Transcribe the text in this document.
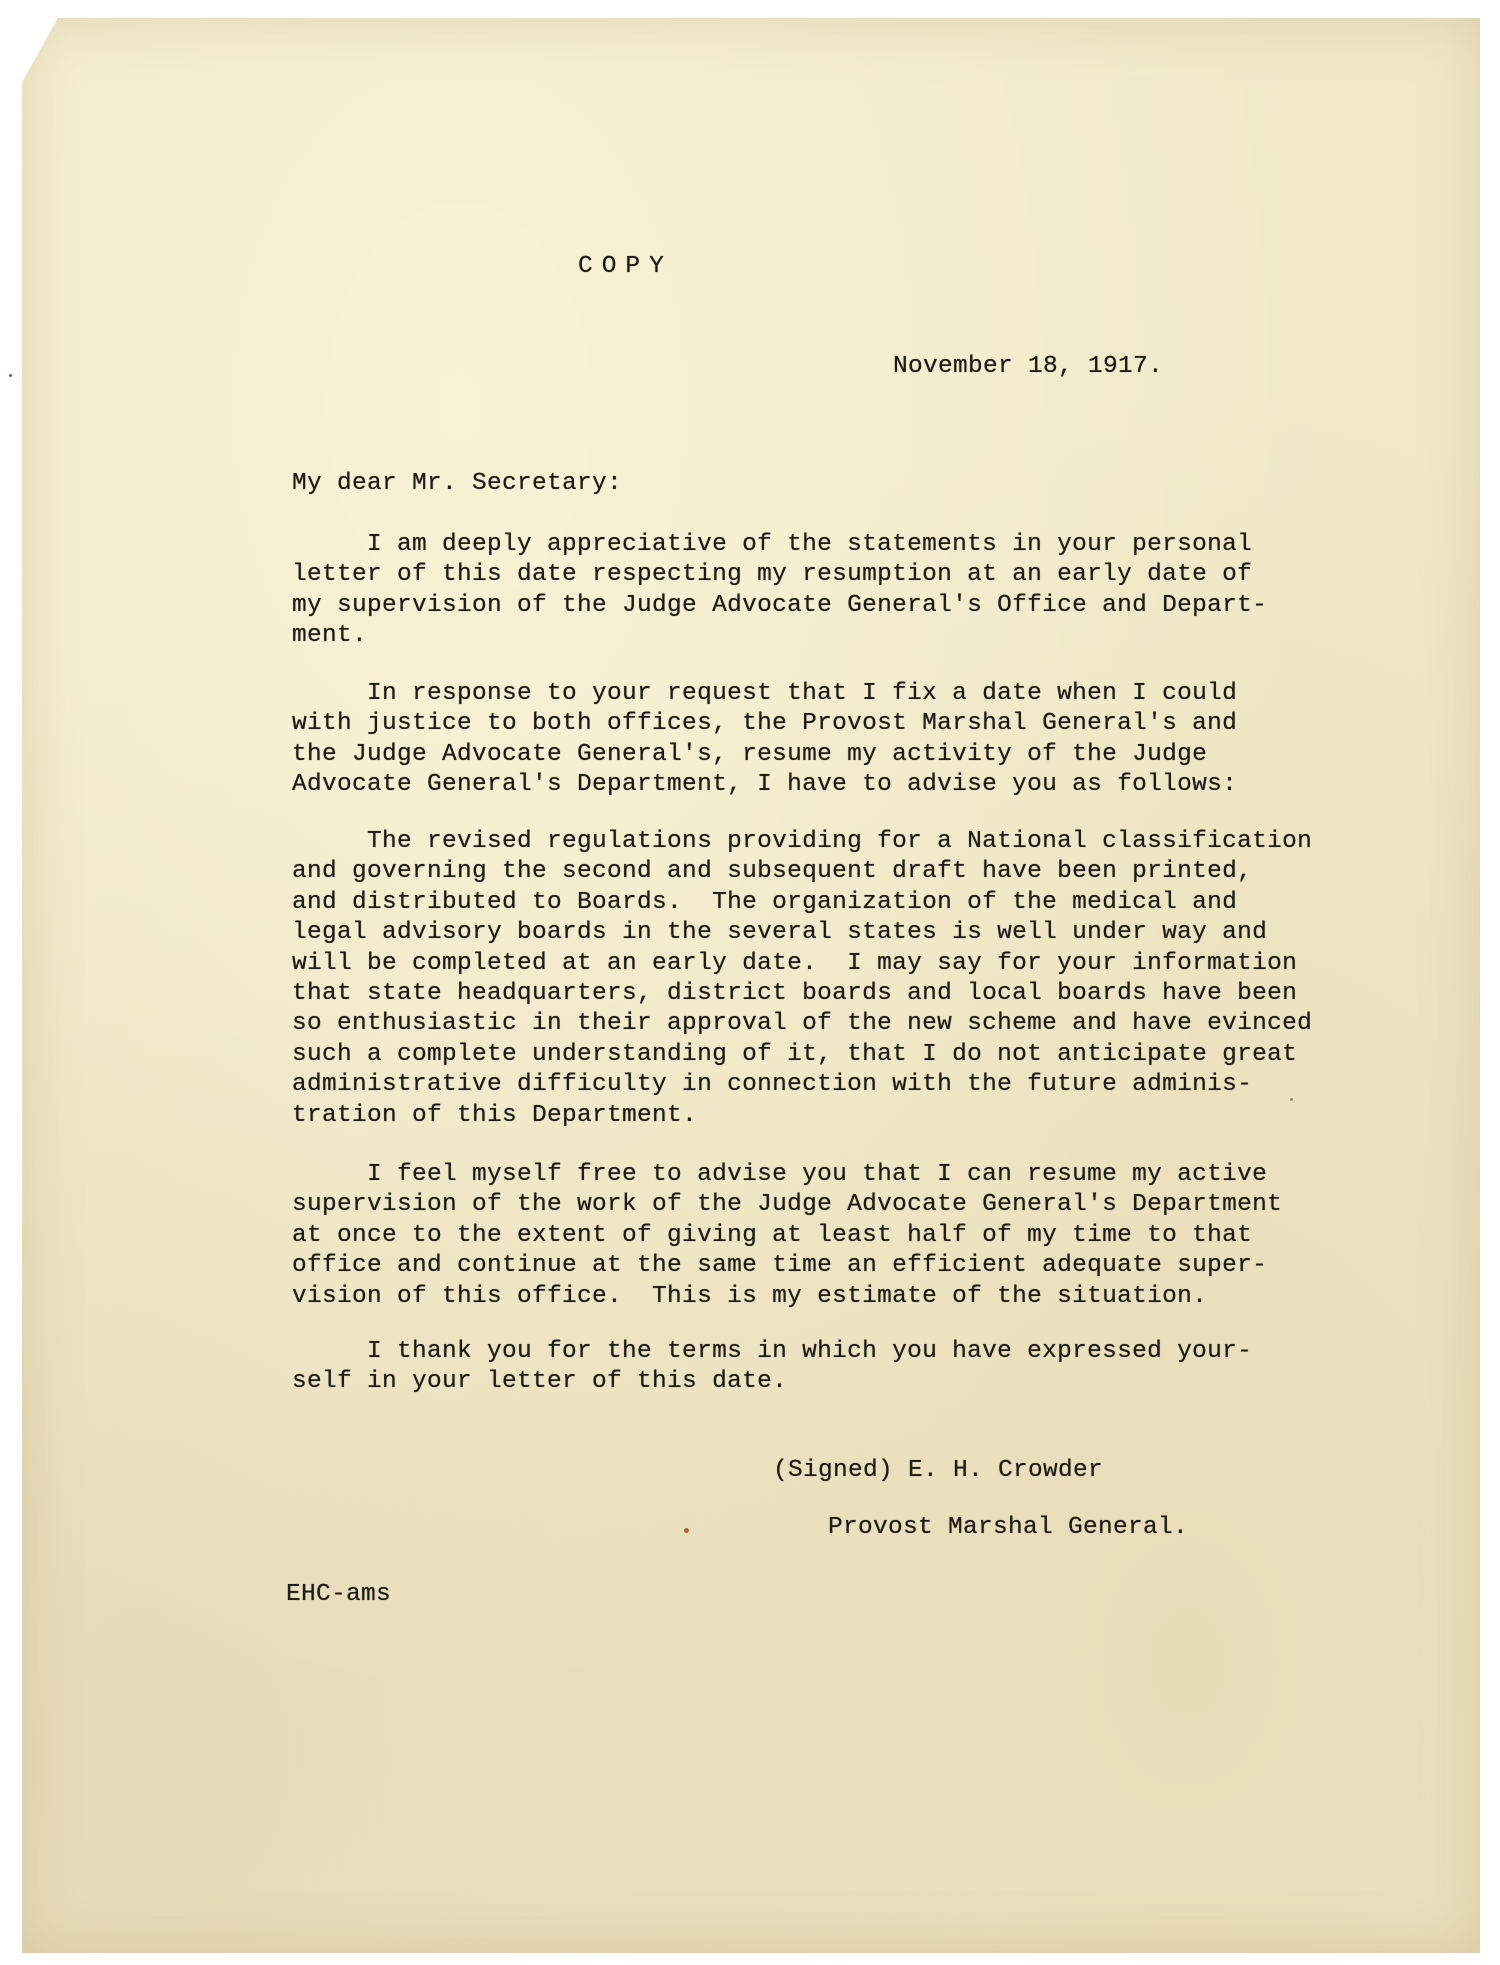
COPY
November 18, 1917.
My dear Mr. Secretary:
I am deeply appreciative of the statements in your personal
letter of this date respecting my resumption at an early date of
my supervision of the Judge Advocate General's Office and Depart-
ment.
In response to your request that I fix a date when I could
with justice to both offices, the Provost Marshal General's and
the Judge Advocate General's, resume my activity of the Judge
Advocate General's Department, I have to advise you as follows:
The revised regulations providing for a National classification
and governing the second and subsequent draft have been printed,
and distributed to Boards.  The organization of the medical and
legal advisory boards in the several states is well under way and
will be completed at an early date.  I may say for your information
that state headquarters, district boards and local boards have been
so enthusiastic in their approval of the new scheme and have evinced
such a complete understanding of it, that I do not anticipate great
administrative difficulty in connection with the future adminis-
tration of this Department.
I feel myself free to advise you that I can resume my active
supervision of the work of the Judge Advocate General's Department
at once to the extent of giving at least half of my time to that
office and continue at the same time an efficient adequate super-
vision of this office.  This is my estimate of the situation.
I thank you for the terms in which you have expressed your-
self in your letter of this date.
(Signed) E. H. Crowder
Provost Marshal General.
EHC-ams
